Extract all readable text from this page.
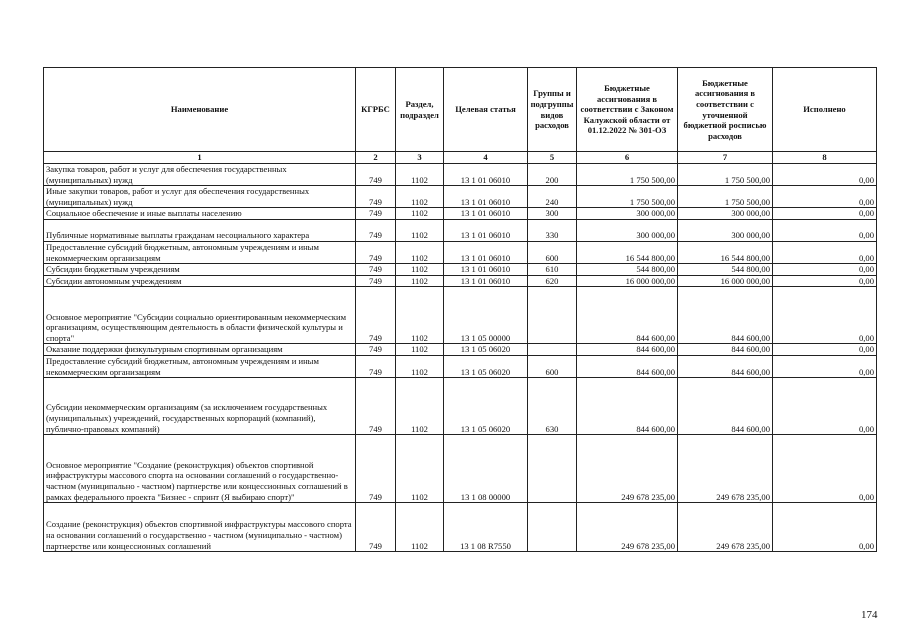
Наименование	КГРБС	Раздел, подраздел	Целевая статья	Группы и подгруппы видов расходов	Бюджетные ассигнования в соответствии с Законом Калужской области от 01.12.2022 № 301-ОЗ	Бюджетные ассигнования в соответствии с уточненной бюджетной росписью расходов	Исполнено
1	2	3	4	5	6	7	8
Закупка товаров, работ и услуг для обеспечения государственных (муниципальных) нужд	749	1102	13 1 01 06010	200	1 750 500,00	1 750 500,00	0,00
Иные закупки товаров, работ и услуг для обеспечения государственных (муниципальных) нужд	749	1102	13 1 01 06010	240	1 750 500,00	1 750 500,00	0,00
Социальное обеспечение и иные выплаты населению	749	1102	13 1 01 06010	300	300 000,00	300 000,00	0,00
Публичные нормативные выплаты гражданам несоциального характера	749	1102	13 1 01 06010	330	300 000,00	300 000,00	0,00
Предоставление субсидий бюджетным, автономным учреждениям и иным некоммерческим организациям	749	1102	13 1 01 06010	600	16 544 800,00	16 544 800,00	0,00
Субсидии бюджетным учреждениям	749	1102	13 1 01 06010	610	544 800,00	544 800,00	0,00
Субсидии автономным учреждениям	749	1102	13 1 01 06010	620	16 000 000,00	16 000 000,00	0,00
Основное мероприятие "Субсидии социально ориентированным некоммерческим организациям, осуществляющим деятельность в области физической культуры и спорта"	749	1102	13 1 05 00000		844 600,00	844 600,00	0,00
Оказание поддержки физкультурным спортивным организациям	749	1102	13 1 05 06020		844 600,00	844 600,00	0,00
Предоставление субсидий бюджетным, автономным учреждениям и иным некоммерческим организациям	749	1102	13 1 05 06020	600	844 600,00	844 600,00	0,00
Субсидии некоммерческим организациям (за исключением государственных (муниципальных) учреждений, государственных корпораций (компаний), публично-правовых компаний)	749	1102	13 1 05 06020	630	844 600,00	844 600,00	0,00
Основное мероприятие "Создание (реконструкция) объектов спортивной инфраструктуры массового спорта на основании соглашений о государственно-частном (муниципально - частном) партнерстве или концессионных соглашений в рамках федерального проекта "Бизнес - спринт (Я выбираю спорт)"	749	1102	13 1 08 00000		249 678 235,00	249 678 235,00	0,00
Создание (реконструкция) объектов спортивной инфраструктуры массового спорта на основании соглашений о государственно - частном (муниципально - частном) партнерстве или концессионных соглашений	749	1102	13 1 08 R7550		249 678 235,00	249 678 235,00	0,00
174
